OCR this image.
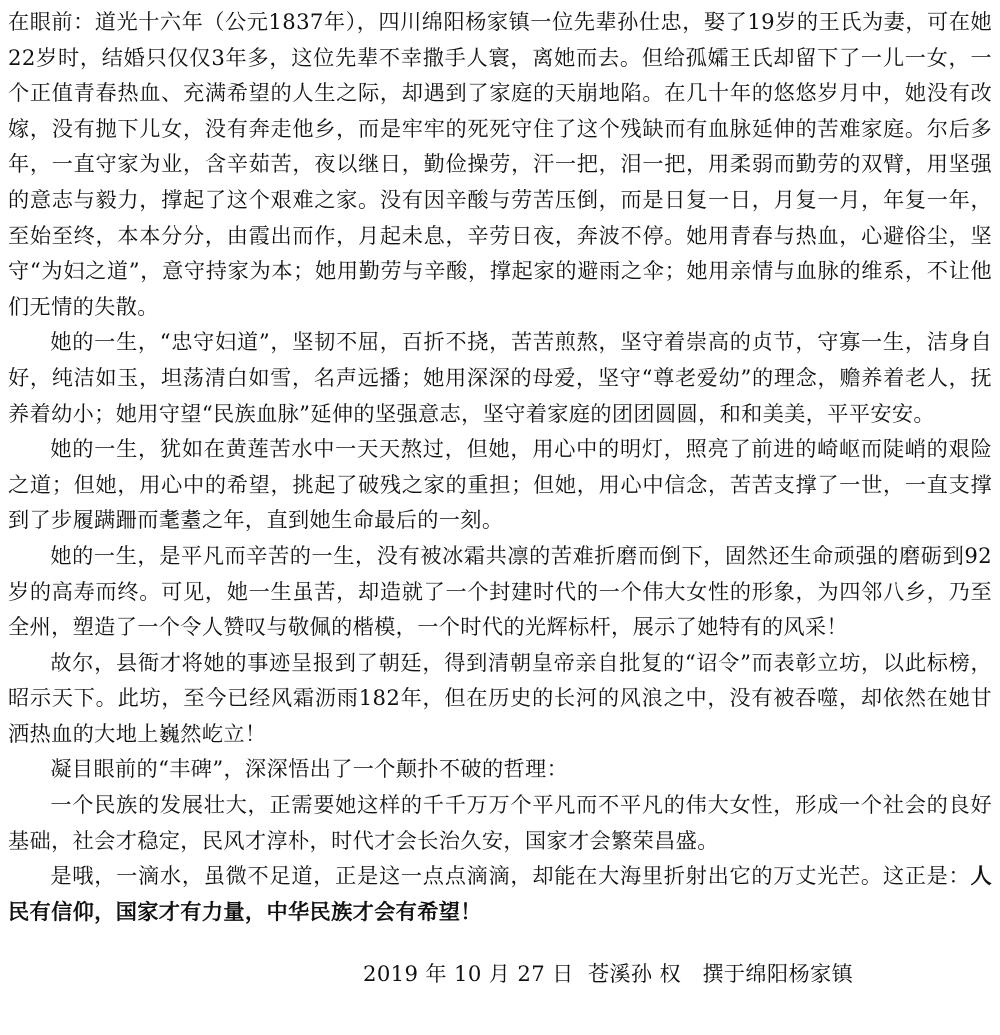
在眼前：道光十六年（公元1837年），四川绵阳杨家镇一位先辈孙仕忠，娶了19岁的王氏为妻，可在她22岁时，结婚只仅仅3年多，这位先辈不幸撒手人寰，离她而去。但给孤孀王氏却留下了一儿一女，一个正值青春热血、充满希望的人生之际，却遇到了家庭的天崩地陷。在几十年的悠悠岁月中，她没有改嫁，没有抛下儿女，没有奔走他乡，而是牢牢的死死守住了这个残缺而有血脉延伸的苦难家庭。尔后多年，一直守家为业，含辛茹苦，夜以继日，勤俭操劳，汗一把，泪一把，用柔弱而勤劳的双臂，用坚强的意志与毅力，撑起了这个艰难之家。没有因辛酸与劳苦压倒，而是日复一日，月复一月，年复一年，至始至终，本本分分，由霞出而作，月起未息，辛劳日夜，奔波不停。她用青春与热血，心避俗尘，坚守“为妇之道”，意守持家为本；她用勤劳与辛酸，撑起家的避雨之伞；她用亲情与血脉的维系，不让他们无情的失散。

她的一生，“忠守妇道”，坚韧不屈，百折不挠，苦苦煎熬，坚守着崇高的贞节，守寡一生，洁身自好，纯洁如玉，坦荡清白如雪，名声远播；她用深深的母爱，坚守“尊老爱幼”的理念，赡养着老人，抚养着幼小；她用守望“民族血脉”延伸的坚强意志，坚守着家庭的团团圆圆，和和美美，平平安安。

她的一生，犹如在黄莲苦水中一天天熬过，但她，用心中的明灯，照亮了前进的崎岖而陡峭的艰险之道；但她，用心中的希望，挑起了破残之家的重担；但她，用心中信念，苦苦支撑了一世，一直支撑到了步履蹒跚而耄耋之年，直到她生命最后的一刻。

她的一生，是平凡而辛苦的一生，没有被冰霜共凛的苦难折磨而倒下，固然还生命顽强的磨砺到92岁的高寿而终。可见，她一生虽苦，却造就了一个封建时代的一个伟大女性的形象，为四邻八乡，乃至全州，塑造了一个令人赞叹与敬佩的楷模，一个时代的光辉标杆，展示了她特有的风采！

故尔，县衙才将她的事迹呈报到了朝廷，得到清朝皇帝亲自批复的“诏令”而表彰立坊，以此标榜，昭示天下。此坊，至今已经风霜沥雨182年，但在历史的长河的风浪之中，没有被吞噬，却依然在她甘洒热血的大地上巍然屹立！

凝目眼前的“丰碑”，深深悟出了一个颠扑不破的哲理：

一个民族的发展壮大，正需要她这样的千千万万个平凡而不平凡的伟大女性，形成一个社会的良好基础，社会才稳定，民风才淳朴，时代才会长治久安，国家才会繁荣昌盛。

是哦，一滴水，虽微不足道，正是这一点点滴滴，却能在大海里折射出它的万丈光芒。这正是：人民有信仰，国家才有力量，中华民族才会有希望！

2019 年 10 月 27 日  苍溪孙 权   撰于绵阳杨家镇
